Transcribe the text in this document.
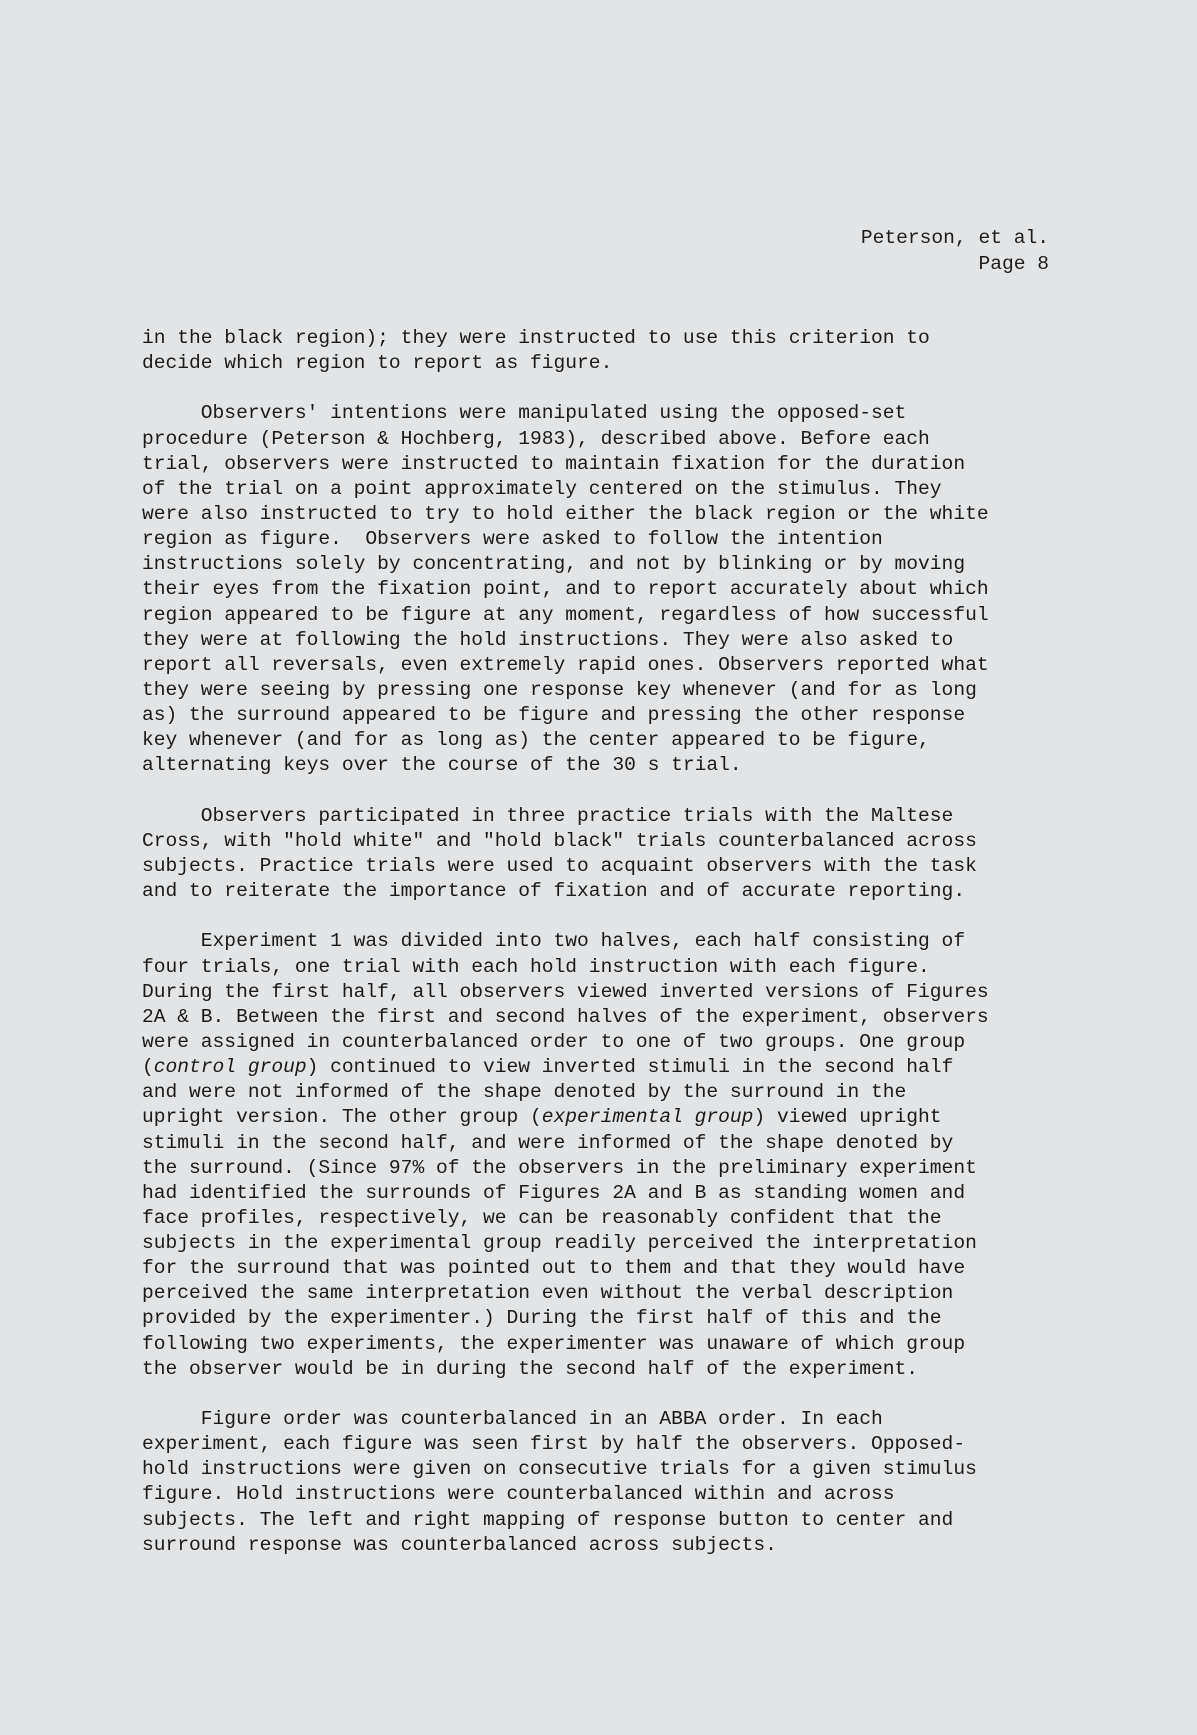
Peterson, et al.
Page 8
in the black region); they were instructed to use this criterion to
decide which region to report as figure.
Observers' intentions were manipulated using the opposed-set
procedure (Peterson & Hochberg, 1983), described above. Before each
trial, observers were instructed to maintain fixation for the duration
of the trial on a point approximately centered on the stimulus. They
were also instructed to try to hold either the black region or the white
region as figure.  Observers were asked to follow the intention
instructions solely by concentrating, and not by blinking or by moving
their eyes from the fixation point, and to report accurately about which
region appeared to be figure at any moment, regardless of how successful
they were at following the hold instructions. They were also asked to
report all reversals, even extremely rapid ones. Observers reported what
they were seeing by pressing one response key whenever (and for as long
as) the surround appeared to be figure and pressing the other response
key whenever (and for as long as) the center appeared to be figure,
alternating keys over the course of the 30 s trial.
Observers participated in three practice trials with the Maltese
Cross, with "hold white" and "hold black" trials counterbalanced across
subjects. Practice trials were used to acquaint observers with the task
and to reiterate the importance of fixation and of accurate reporting.
Experiment 1 was divided into two halves, each half consisting of
four trials, one trial with each hold instruction with each figure.
During the first half, all observers viewed inverted versions of Figures
2A & B. Between the first and second halves of the experiment, observers
were assigned in counterbalanced order to one of two groups. One group
(control group) continued to view inverted stimuli in the second half
and were not informed of the shape denoted by the surround in the
upright version. The other group (experimental group) viewed upright
stimuli in the second half, and were informed of the shape denoted by
the surround. (Since 97% of the observers in the preliminary experiment
had identified the surrounds of Figures 2A and B as standing women and
face profiles, respectively, we can be reasonably confident that the
subjects in the experimental group readily perceived the interpretation
for the surround that was pointed out to them and that they would have
perceived the same interpretation even without the verbal description
provided by the experimenter.) During the first half of this and the
following two experiments, the experimenter was unaware of which group
the observer would be in during the second half of the experiment.
Figure order was counterbalanced in an ABBA order. In each
experiment, each figure was seen first by half the observers. Opposed-
hold instructions were given on consecutive trials for a given stimulus
figure. Hold instructions were counterbalanced within and across
subjects. The left and right mapping of response button to center and
surround response was counterbalanced across subjects.
